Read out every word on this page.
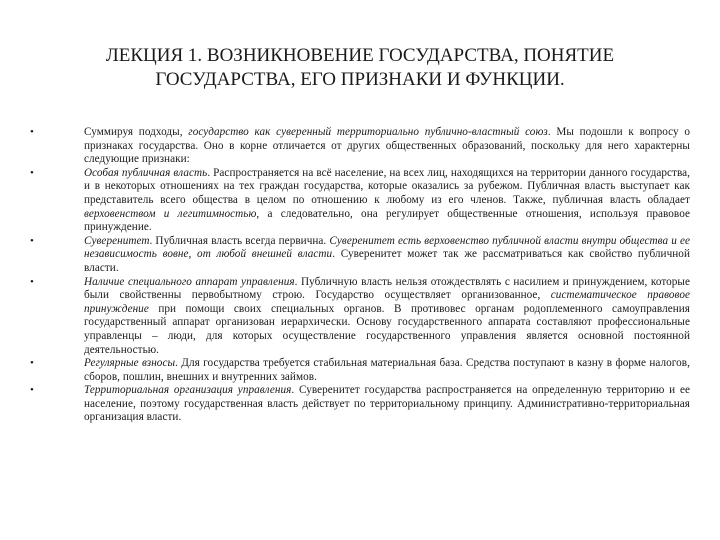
ЛЕКЦИЯ 1. ВОЗНИКНОВЕНИЕ ГОСУДАРСТВА, ПОНЯТИЕ
ГОСУДАРСТВА, ЕГО ПРИЗНАКИ И ФУНКЦИИ.
•	Суммируя подходы, государство как суверенный территориально публично-властный союз. Мы подошли к вопросу о признаках государства. Оно в корне отличается от других общественных образований, поскольку для него характерны следующие признаки:
•	Особая публичная власть. Распространяется на всё население, на всех лиц, находящихся на территории данного государства, и в некоторых отношениях на тех граждан государства, которые оказались за рубежом. Публичная власть выступает как представитель всего общества в целом по отношению к любому из его членов. Также, публичная власть обладает верховенством и легитимностью, а следовательно, она регулирует общественные отношения, используя правовое принуждение.
•	Суверенитет. Публичная власть всегда первична. Суверенитет есть верховенство публичной власти внутри общества и ее независимость вовне, от любой внешней власти. Суверенитет может так же рассматриваться как свойство публичной власти.
•	Наличие специального аппарат управления. Публичную власть нельзя отождествлять с насилием и принуждением, которые были свойственны первобытному строю. Государство осуществляет организованное, систематическое правовое принуждение при помощи своих специальных органов. В противовес органам родоплеменного самоуправления государственный аппарат организован иерархически. Основу государственного аппарата составляют профессиональные управленцы – люди, для которых осуществление государственного управления является основной постоянной деятельностью.
•	Регулярные взносы. Для государства требуется стабильная материальная база. Средства поступают в казну в форме налогов, сборов, пошлин, внешних и внутренних займов.
•	Территориальная организация управления. Суверенитет государства распространяется на определенную территорию и ее население, поэтому государственная власть действует по территориальному принципу. Административно-территориальная организация власти.
